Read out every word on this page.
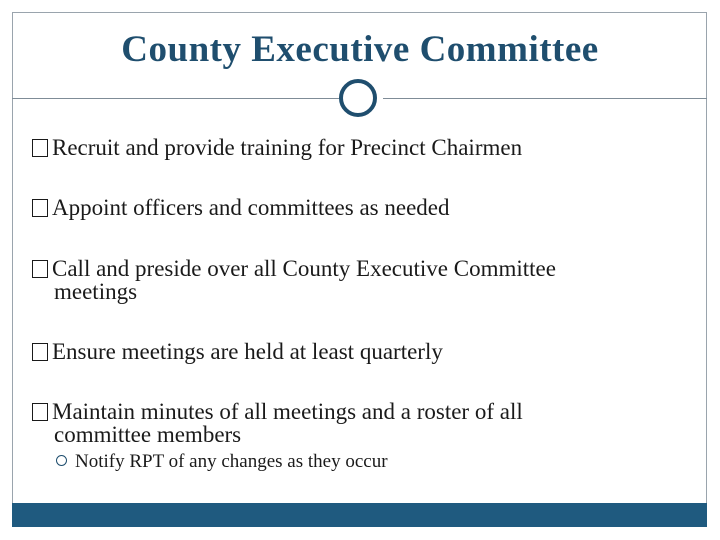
County Executive Committee
Recruit and provide training for Precinct Chairmen
Appoint officers and committees as needed
Call and preside over all County Executive Committee
meetings
Ensure meetings are held at least quarterly
Maintain minutes of all meetings and a roster of all
committee members
Notify RPT of any changes as they occur
